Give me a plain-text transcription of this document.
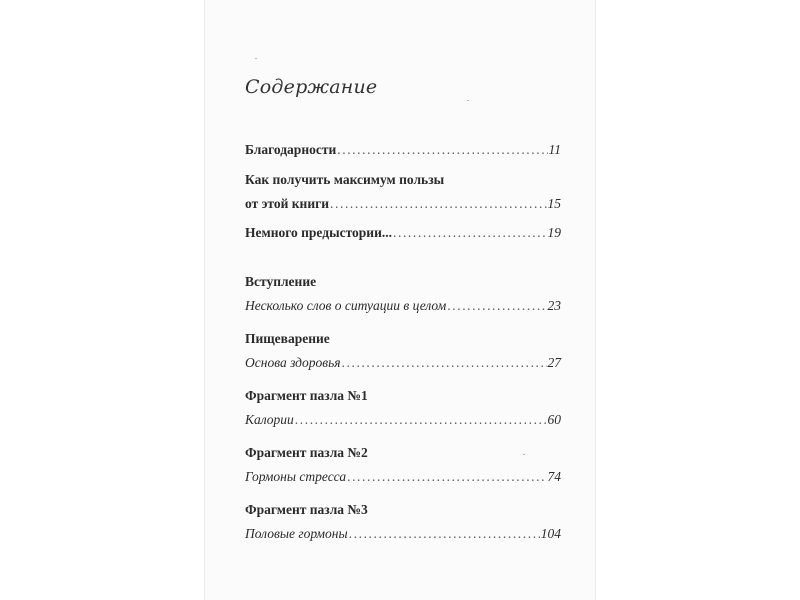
Содержание
Благодарности .....	11
Как получить максимум пользы
от этой книги .....	15
Немного предыстории... .....	19
Вступление
Несколько слов о ситуации в целом .....	23
Пищеварение
Основа здоровья .....	27
Фрагмент пазла №1
Калории .....	60
Фрагмент пазла №2
Гормоны стресса .....	74
Фрагмент пазла №3
Половые гормоны .....	104
